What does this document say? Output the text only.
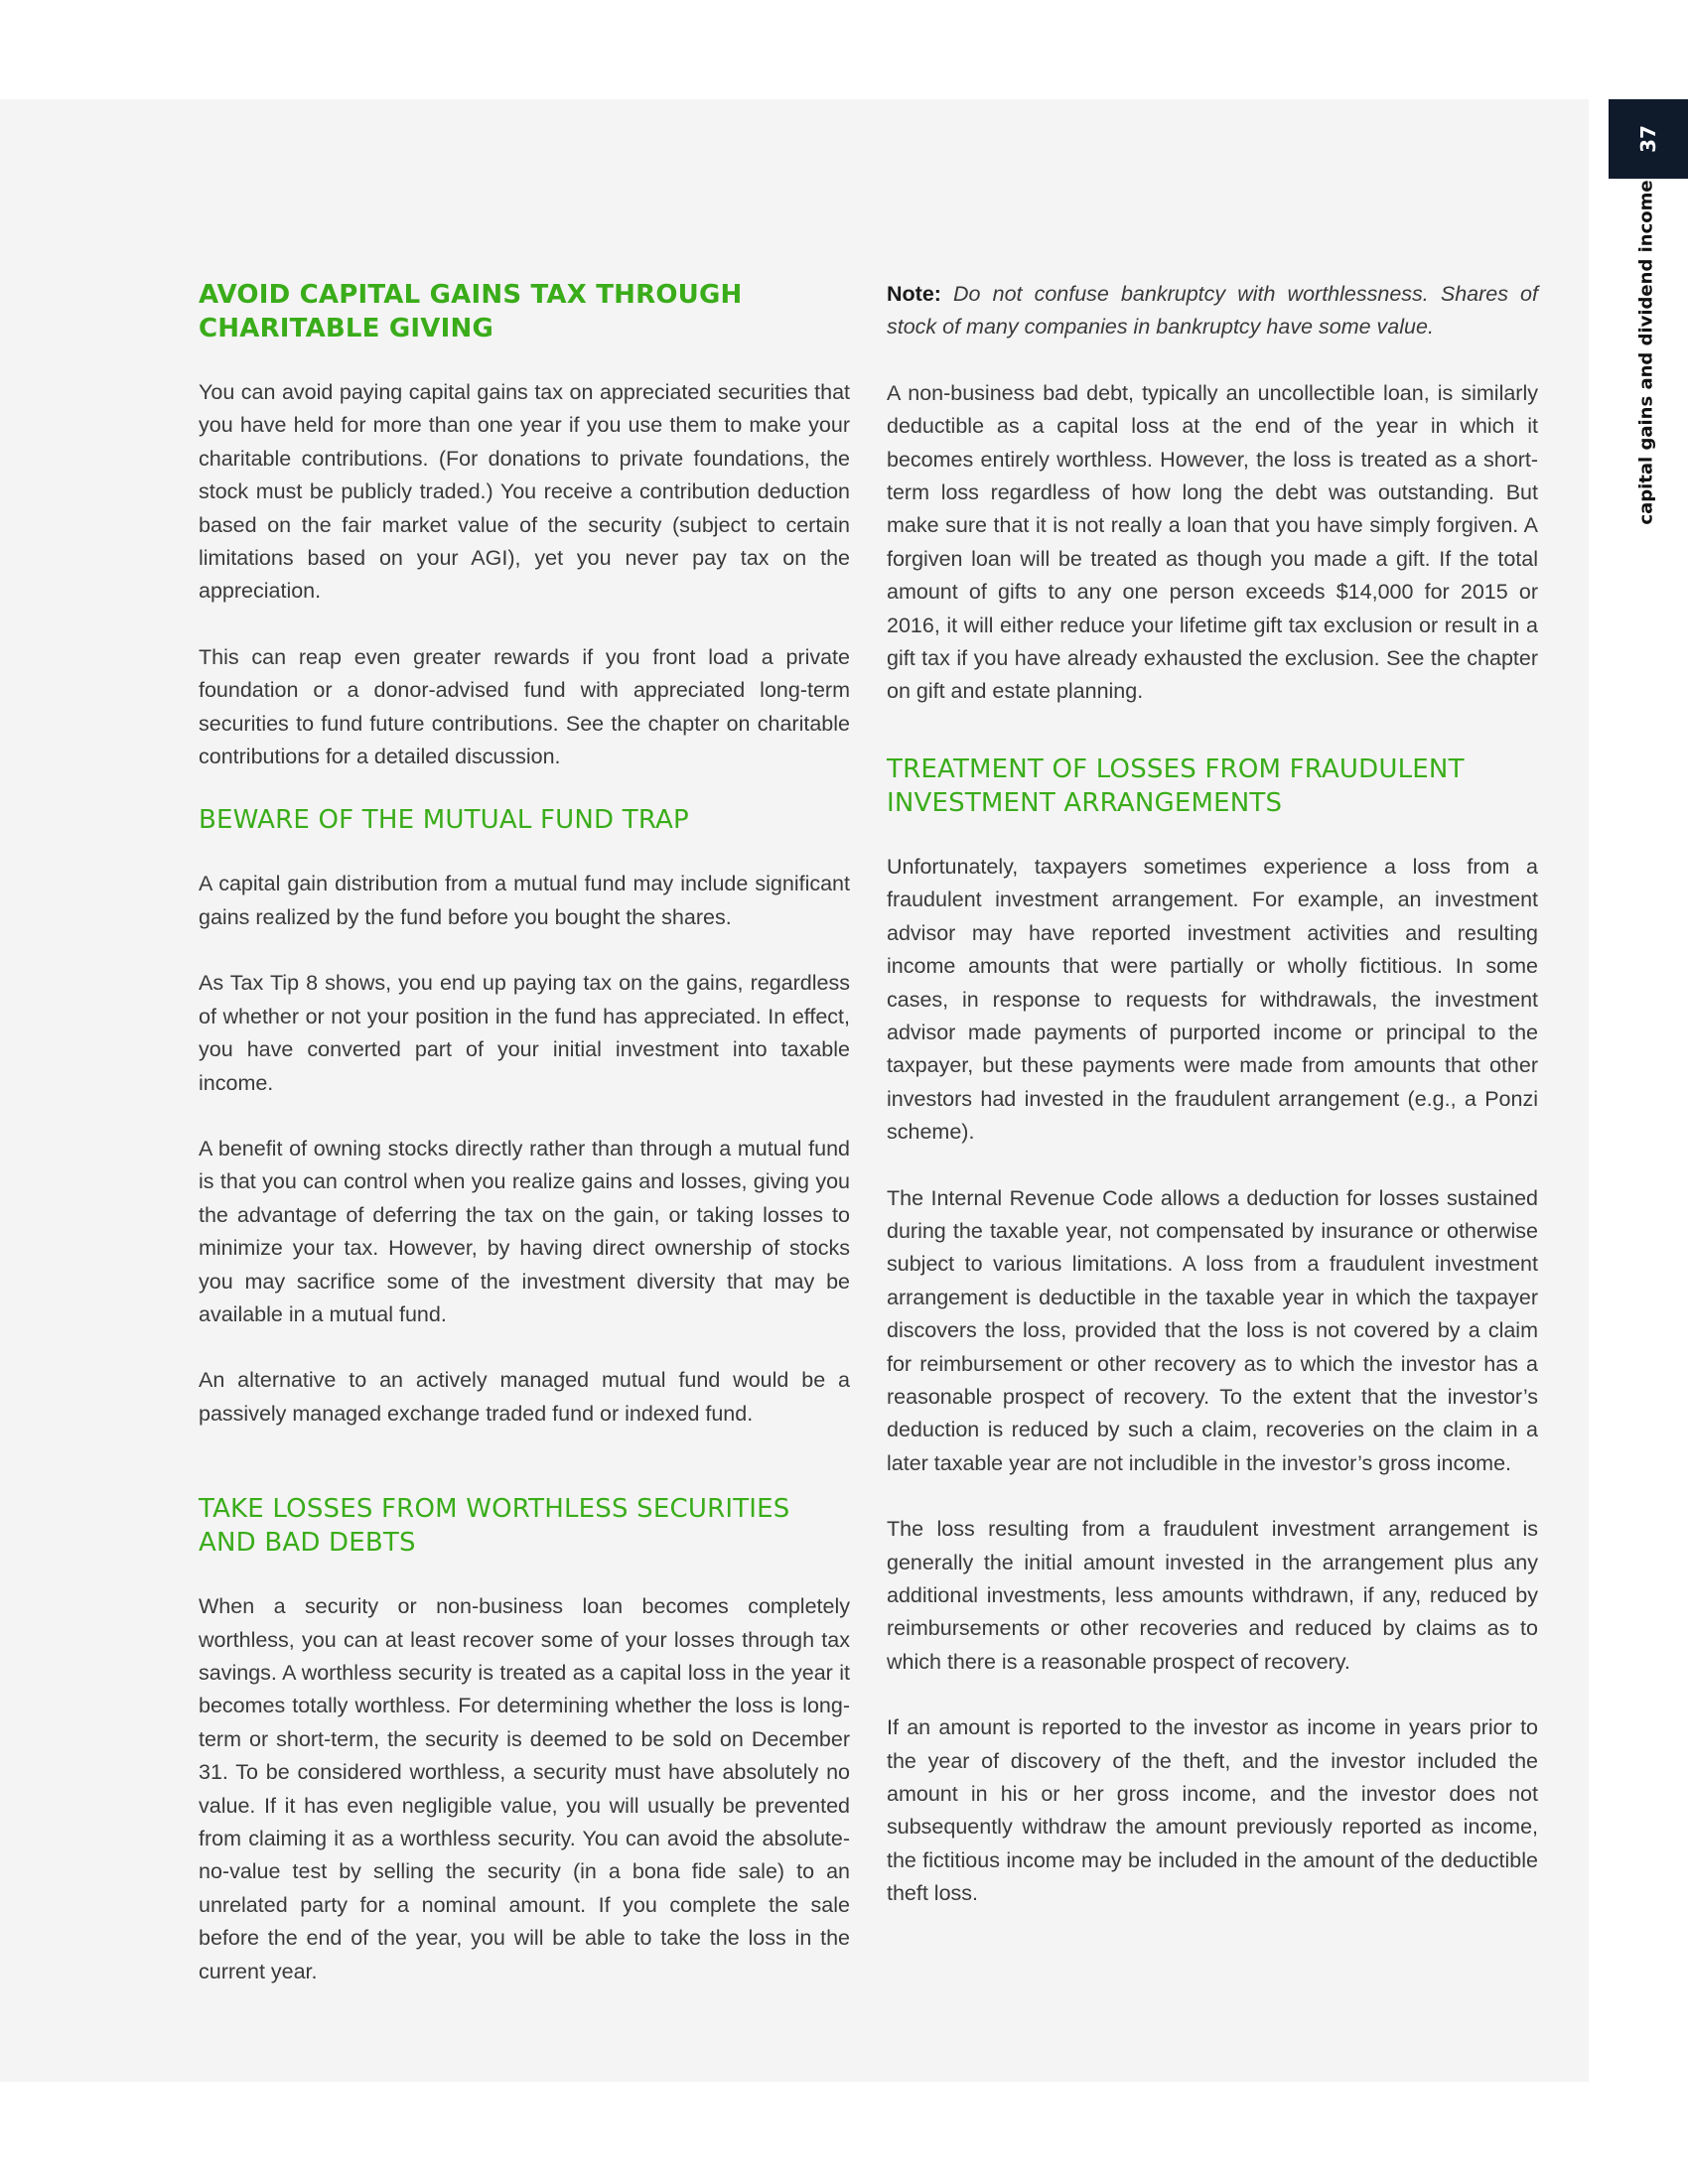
37
capital gains and dividend income
AVOID CAPITAL GAINS TAX THROUGH CHARITABLE GIVING

You can avoid paying capital gains tax on appreciated securities that you have held for more than one year if you use them to make your charitable contributions. (For donations to private foundations, the stock must be publicly traded.) You receive a contribution deduction based on the fair market value of the security (subject to certain limitations based on your AGI), yet you never pay tax on the appreciation.

This can reap even greater rewards if you front load a private foundation or a donor-advised fund with appreciated long-term securities to fund future contributions. See the chapter on charitable contributions for a detailed discussion.

BEWARE OF THE MUTUAL FUND TRAP

A capital gain distribution from a mutual fund may include significant gains realized by the fund before you bought the shares.

As Tax Tip 8 shows, you end up paying tax on the gains, regardless of whether or not your position in the fund has appreciated. In effect, you have converted part of your initial investment into taxable income.

A benefit of owning stocks directly rather than through a mutual fund is that you can control when you realize gains and losses, giving you the advantage of deferring the tax on the gain, or taking losses to minimize your tax. However, by having direct ownership of stocks you may sacrifice some of the investment diversity that may be available in a mutual fund.

An alternative to an actively managed mutual fund would be a passively managed exchange traded fund or indexed fund.

TAKE LOSSES FROM WORTHLESS SECURITIES AND BAD DEBTS

When a security or non-business loan becomes completely worthless, you can at least recover some of your losses through tax savings. A worthless security is treated as a capital loss in the year it becomes totally worthless. For determining whether the loss is long-term or short-term, the security is deemed to be sold on December 31. To be considered worthless, a security must have absolutely no value. If it has even negligible value, you will usually be prevented from claiming it as a worthless security. You can avoid the absolute-no-value test by selling the security (in a bona fide sale) to an unrelated party for a nominal amount. If you complete the sale before the end of the year, you will be able to take the loss in the current year.

Note: Do not confuse bankruptcy with worthlessness. Shares of stock of many companies in bankruptcy have some value.

A non-business bad debt, typically an uncollectible loan, is similarly deductible as a capital loss at the end of the year in which it becomes entirely worthless. However, the loss is treated as a short-term loss regardless of how long the debt was outstanding. But make sure that it is not really a loan that you have simply forgiven. A forgiven loan will be treated as though you made a gift. If the total amount of gifts to any one person exceeds $14,000 for 2015 or 2016, it will either reduce your lifetime gift tax exclusion or result in a gift tax if you have already exhausted the exclusion. See the chapter on gift and estate planning.

TREATMENT OF LOSSES FROM FRAUDULENT INVESTMENT ARRANGEMENTS

Unfortunately, taxpayers sometimes experience a loss from a fraudulent investment arrangement. For example, an investment advisor may have reported investment activities and resulting income amounts that were partially or wholly fictitious. In some cases, in response to requests for withdrawals, the investment advisor made payments of purported income or principal to the taxpayer, but these payments were made from amounts that other investors had invested in the fraudulent arrangement (e.g., a Ponzi scheme).

The Internal Revenue Code allows a deduction for losses sustained during the taxable year, not compensated by insurance or otherwise subject to various limitations. A loss from a fraudulent investment arrangement is deductible in the taxable year in which the taxpayer discovers the loss, provided that the loss is not covered by a claim for reimbursement or other recovery as to which the investor has a reasonable prospect of recovery. To the extent that the investor’s deduction is reduced by such a claim, recoveries on the claim in a later taxable year are not includible in the investor’s gross income.

The loss resulting from a fraudulent investment arrangement is generally the initial amount invested in the arrangement plus any additional investments, less amounts withdrawn, if any, reduced by reimbursements or other recoveries and reduced by claims as to which there is a reasonable prospect of recovery.

If an amount is reported to the investor as income in years prior to the year of discovery of the theft, and the investor included the amount in his or her gross income, and the investor does not subsequently withdraw the amount previously reported as income, the fictitious income may be included in the amount of the deductible theft loss.
